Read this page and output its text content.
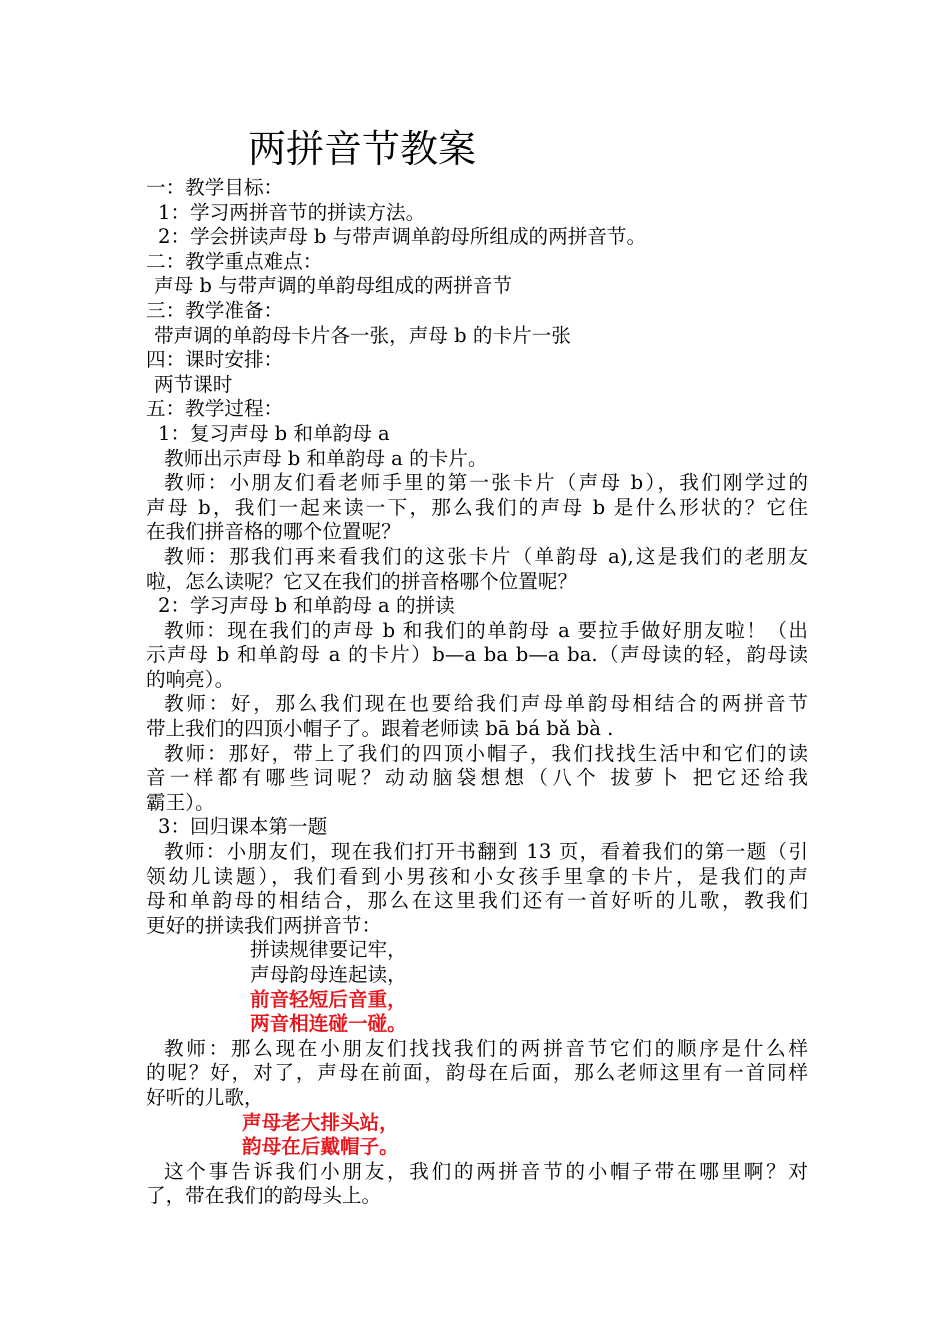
两拼音节教案
一：教学目标：
1：学习两拼音节的拼读方法。
2：学会拼读声母 b 与带声调单韵母所组成的两拼音节。
二：教学重点难点：
声母 b 与带声调的单韵母组成的两拼音节
三：教学准备：
带声调的单韵母卡片各一张，声母 b 的卡片一张
四：课时安排：
两节课时
五：教学过程：
1：复习声母 b 和单韵母 a
教师出示声母 b 和单韵母 a 的卡片。
教师：小朋友们看老师手里的第一张卡片（声母 b），我们刚学过的
声母 b，我们一起来读一下，那么我们的声母 b 是什么形状的？它住
在我们拼音格的哪个位置呢？
教师：那我们再来看我们的这张卡片（单韵母 a),这是我们的老朋友
啦，怎么读呢？它又在我们的拼音格哪个位置呢？
2：学习声母 b 和单韵母 a 的拼读
教师：现在我们的声母 b 和我们的单韵母 a 要拉手做好朋友啦！（出
示声母 b 和单韵母 a 的卡片）b—a ba b—a ba.（声母读的轻，韵母读
的响亮）。
教师：好，那么我们现在也要给我们声母单韵母相结合的两拼音节
带上我们的四顶小帽子了。跟着老师读 bā bá bǎ bà .
教师：那好，带上了我们的四顶小帽子，我们找找生活中和它们的读
音一样都有哪些词呢？动动脑袋想想（八个 拔萝卜 把它还给我
霸王）。
3：回归课本第一题
教师：小朋友们，现在我们打开书翻到 13 页，看着我们的第一题（引
领幼儿读题），我们看到小男孩和小女孩手里拿的卡片，是我们的声
母和单韵母的相结合，那么在这里我们还有一首好听的儿歌，教我们
更好的拼读我们两拼音节：
拼读规律要记牢，
声母韵母连起读，
前音轻短后音重，
两音相连碰一碰。
教师：那么现在小朋友们找找我们的两拼音节它们的顺序是什么样
的呢？好，对了，声母在前面，韵母在后面，那么老师这里有一首同样
好听的儿歌，
声母老大排头站，
韵母在后戴帽子。
这个事告诉我们小朋友，我们的两拼音节的小帽子带在哪里啊？对
了，带在我们的韵母头上。
